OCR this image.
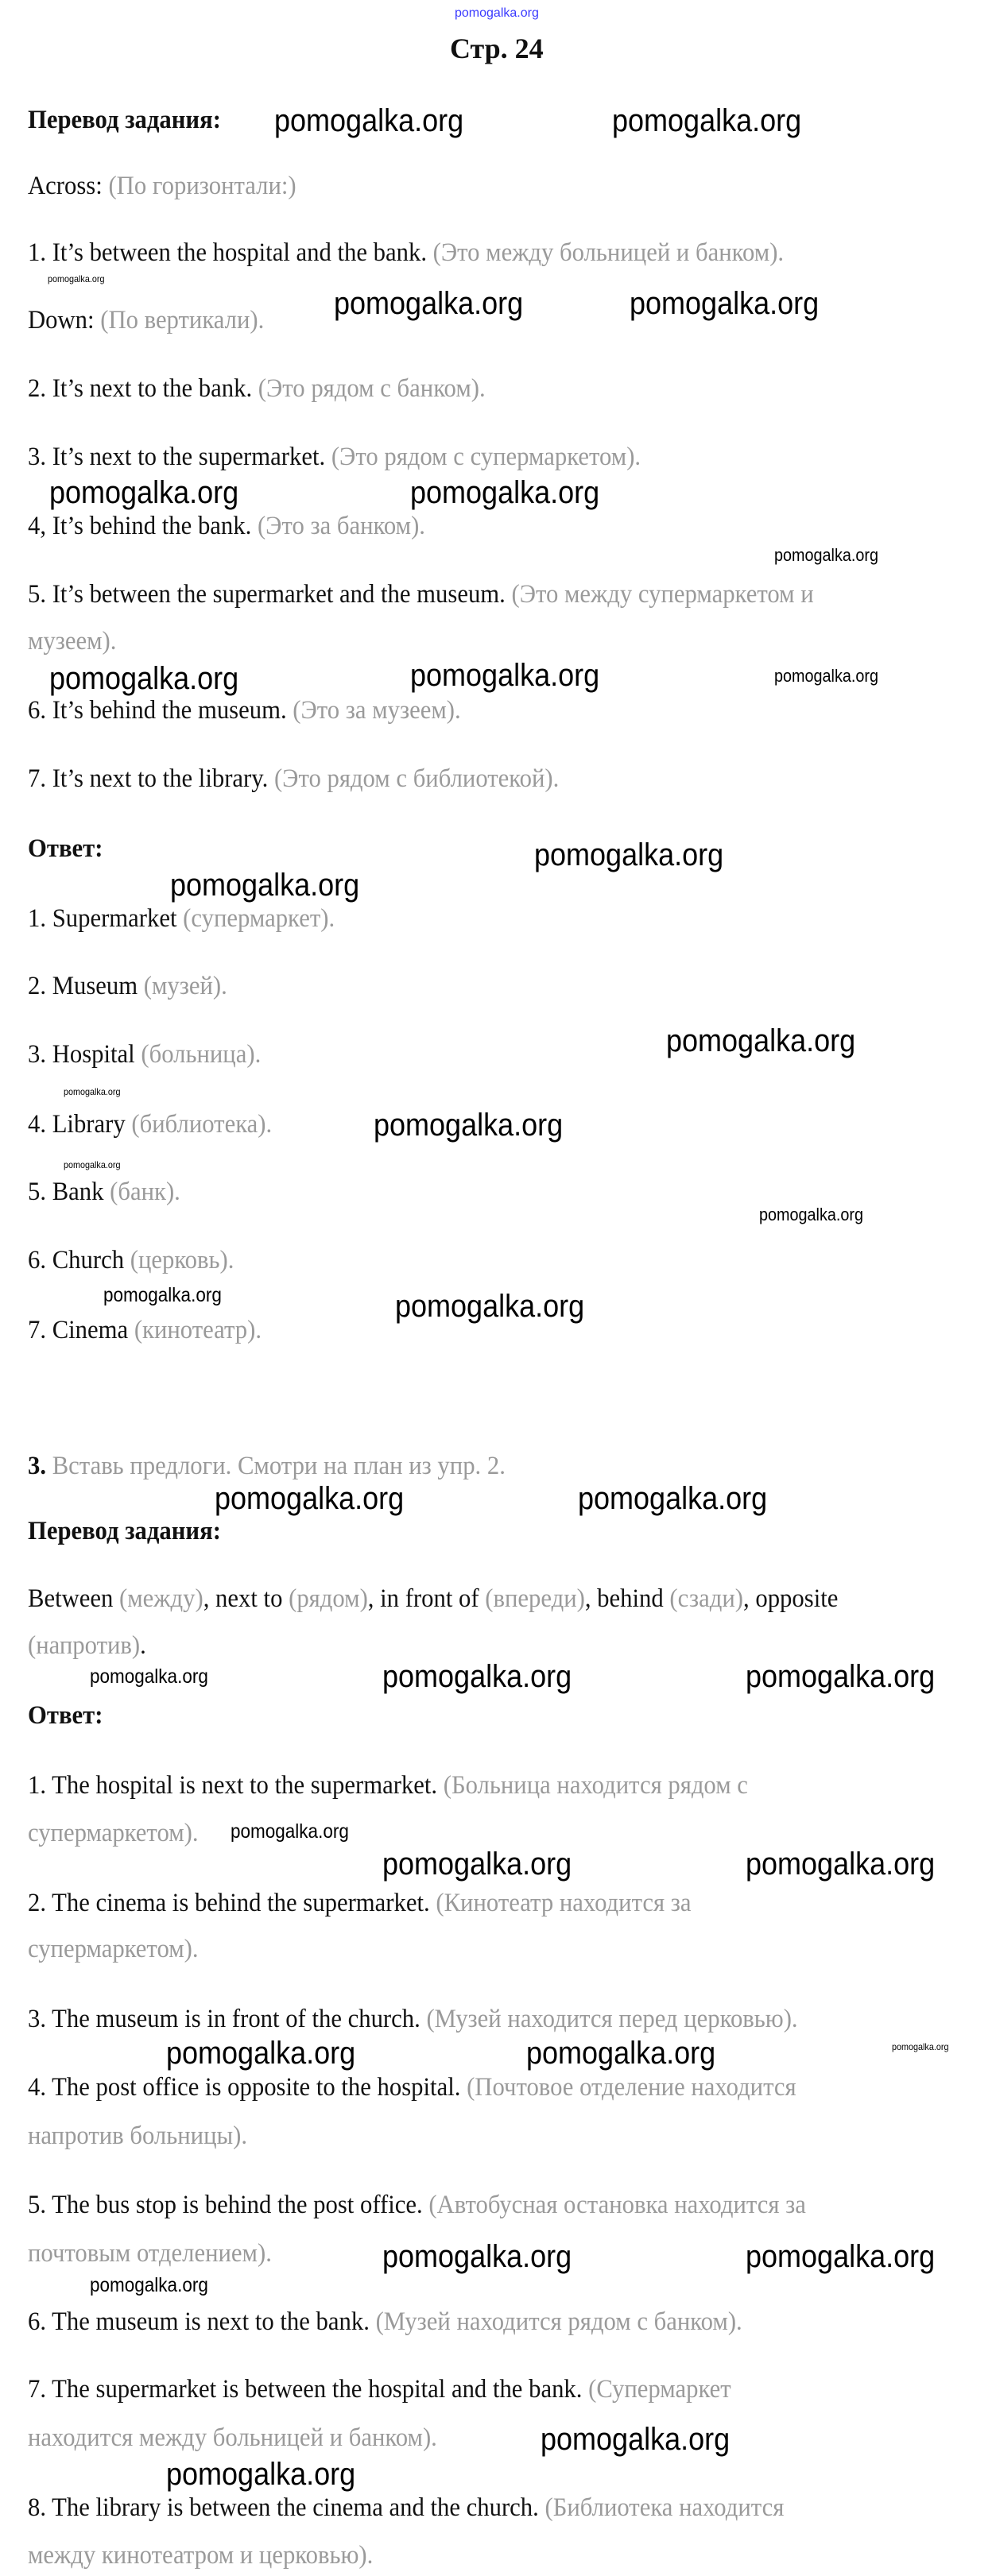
pomogalka.org
Стр. 24
Перевод задания:
Across: (По горизонтали:)
1. It’s between the hospital and the bank. (Это между больницей и банком).
Down: (По вертикали).
2. It’s next to the bank. (Это рядом с банком).
3. It’s next to the supermarket. (Это рядом с супермаркетом).
4, It’s behind the bank. (Это за банком).
5. It’s between the supermarket and the museum. (Это между супермаркетом и
музеем).
6. It’s behind the museum. (Это за музеем).
7. It’s next to the library. (Это рядом с библиотекой).
Ответ:
1. Supermarket (супермаркет).
2. Museum (музей).
3. Hospital (больница).
4. Library (библиотека).
5. Bank (банк).
6. Church (церковь).
7. Cinema (кинотеатр).
3. Вставь предлоги. Смотри на план из упр. 2.
Перевод задания:
Between (между), next to (рядом), in front of (впереди), behind (сзади), opposite
(напротив).
Ответ:
1. The hospital is next to the supermarket. (Больница находится рядом с
супермаркетом).
2. The cinema is behind the supermarket. (Кинотеатр находится за
супермаркетом).
3. The museum is in front of the church. (Музей находится перед церковью).
4. The post office is opposite to the hospital. (Почтовое отделение находится
напротив больницы).
5. The bus stop is behind the post office. (Автобусная остановка находится за
почтовым отделением).
6. The museum is next to the bank. (Музей находится рядом с банком).
7. The supermarket is between the hospital and the bank. (Супермаркет
находится между больницей и банком).
8. The library is between the cinema and the church. (Библиотека находится
между кинотеатром и церковью).
pomogalka.org	pomogalka.org
pomogalka.org	pomogalka.org
pomogalka.org
pomogalka.org	pomogalka.org
pomogalka.org
pomogalka.org	pomogalka.org	pomogalka.org
pomogalka.org
pomogalka.org
pomogalka.org
pomogalka.org
pomogalka.org
pomogalka.org
pomogalka.org
pomogalka.org	pomogalka.org
pomogalka.org	pomogalka.org
pomogalka.org	pomogalka.org	pomogalka.org
pomogalka.org
pomogalka.org	pomogalka.org
pomogalka.org	pomogalka.org	pomogalka.org
pomogalka.org
pomogalka.org	pomogalka.org
pomogalka.org
pomogalka.org
